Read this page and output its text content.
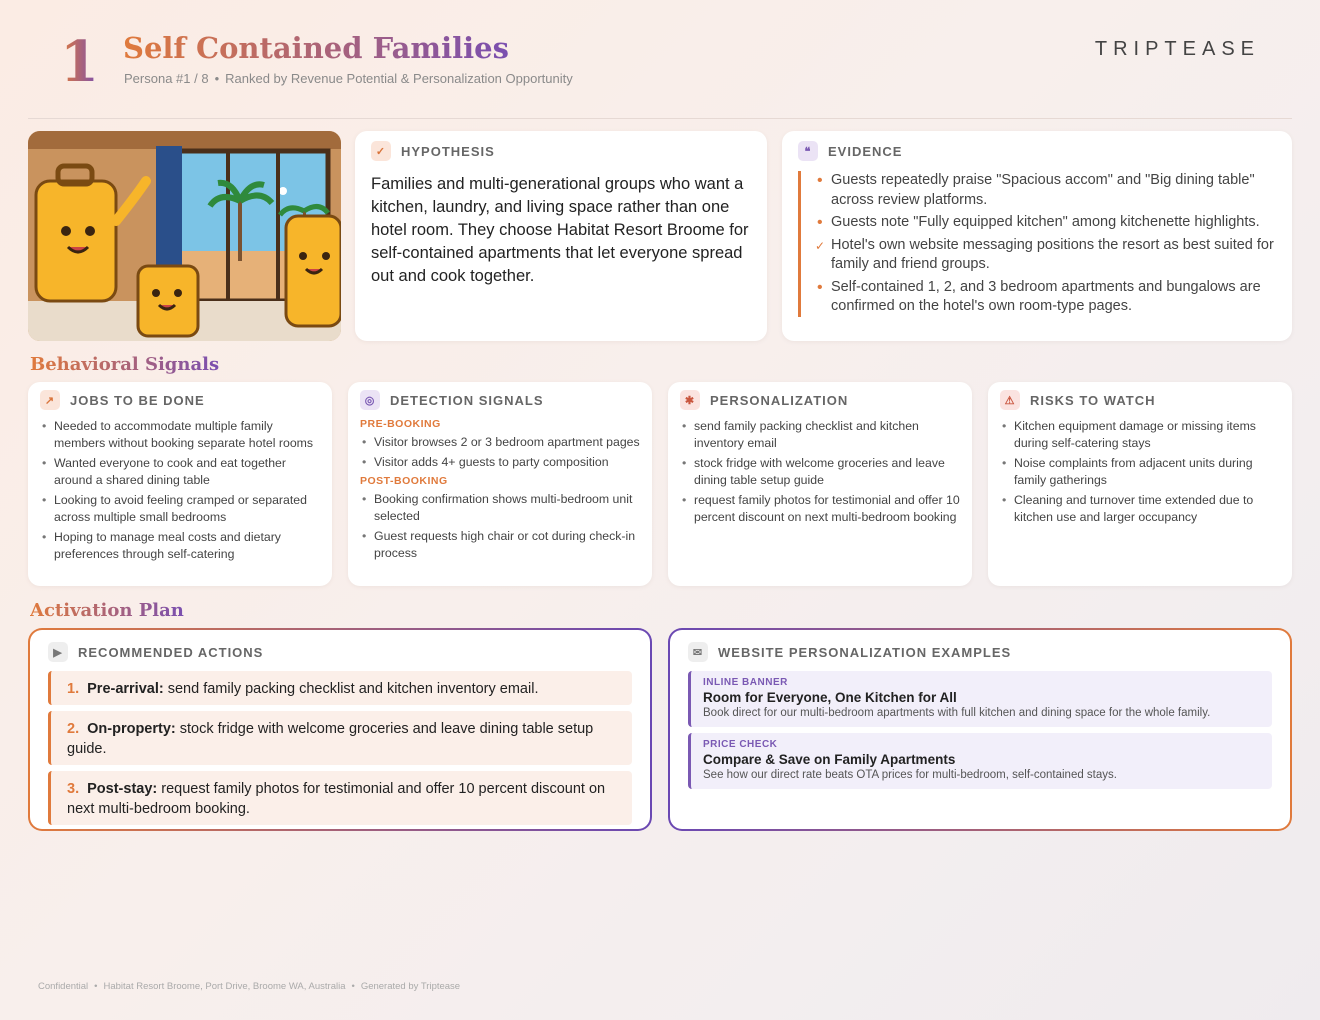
1 Self Contained Families
Persona #1 / 8 • Ranked by Revenue Potential & Personalization Opportunity
TRIPTEASE
✓	HYPOTHESIS
Families and multi-generational groups who want a kitchen, laundry, and living space rather than one hotel room. They choose Habitat Resort Broome for self-contained apartments that let everyone spread out and cook together.
❝	EVIDENCE
• Guests repeatedly praise "Spacious accom" and "Big dining table" across review platforms.
• Guests note "Fully equipped kitchen" among kitchenette highlights.
✓ Hotel's own website messaging positions the resort as best suited for family and friend groups.
• Self-contained 1, 2, and 3 bedroom apartments and bungalows are confirmed on the hotel's own room-type pages.
Behavioral Signals
↗	JOBS TO BE DONE
• Needed to accommodate multiple family members without booking separate hotel rooms
• Wanted everyone to cook and eat together around a shared dining table
• Looking to avoid feeling cramped or separated across multiple small bedrooms
• Hoping to manage meal costs and dietary preferences through self-catering
◎	DETECTION SIGNALS
PRE-BOOKING
• Visitor browses 2 or 3 bedroom apartment pages
• Visitor adds 4+ guests to party composition
POST-BOOKING
• Booking confirmation shows multi-bedroom unit selected
• Guest requests high chair or cot during check-in process
✱	PERSONALIZATION
• send family packing checklist and kitchen inventory email
• stock fridge with welcome groceries and leave dining table setup guide
• request family photos for testimonial and offer 10 percent discount on next multi-bedroom booking
⚠	RISKS TO WATCH
• Kitchen equipment damage or missing items during self-catering stays
• Noise complaints from adjacent units during family gatherings
• Cleaning and turnover time extended due to kitchen use and larger occupancy
Activation Plan
▶	RECOMMENDED ACTIONS
1. Pre-arrival: send family packing checklist and kitchen inventory email.
2. On-property: stock fridge with welcome groceries and leave dining table setup guide.
3. Post-stay: request family photos for testimonial and offer 10 percent discount on next multi-bedroom booking.
✉	WEBSITE PERSONALIZATION EXAMPLES
INLINE BANNER
Room for Everyone, One Kitchen for All
Book direct for our multi-bedroom apartments with full kitchen and dining space for the whole family.
PRICE CHECK
Compare & Save on Family Apartments
See how our direct rate beats OTA prices for multi-bedroom, self-contained stays.
Confidential • Habitat Resort Broome, Port Drive, Broome WA, Australia • Generated by Triptease
